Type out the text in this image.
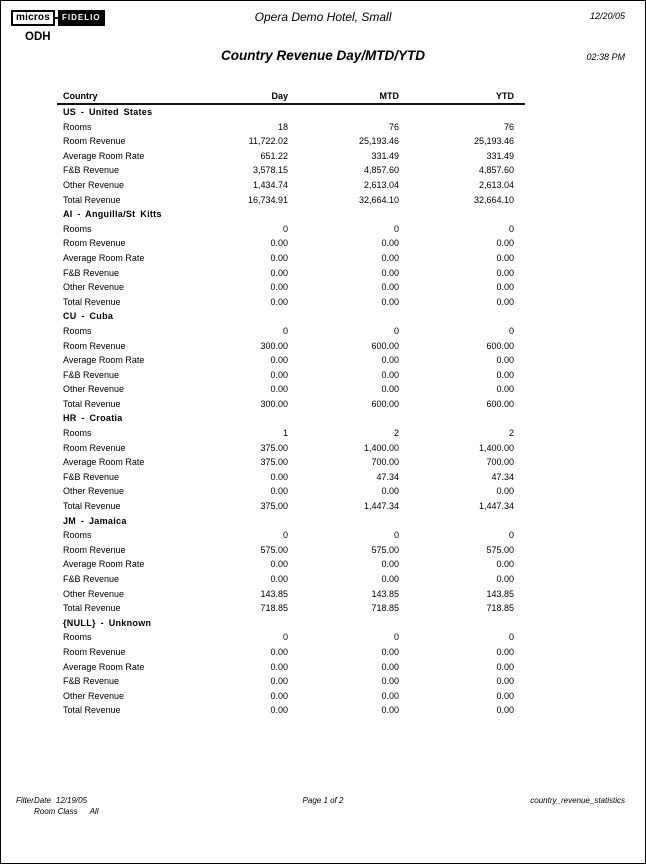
micros	FIDELIO
ODH
Opera Demo Hotel, Small	12/20/05
Country Revenue Day/MTD/YTD	02:38 PM
Country	Day	MTD	YTD
US - United States
Rooms	18	76	76
Room Revenue	11,722.02	25,193.46	25,193.46
Average Room Rate	651.22	331.49	331.49
F&B Revenue	3,578.15	4,857.60	4,857.60
Other Revenue	1,434.74	2,613.04	2,613.04
Total Revenue	16,734.91	32,664.10	32,664.10
AI - Anguilla/St Kitts
Rooms	0	0	0
Room Revenue	0.00	0.00	0.00
Average Room Rate	0.00	0.00	0.00
F&B Revenue	0.00	0.00	0.00
Other Revenue	0.00	0.00	0.00
Total Revenue	0.00	0.00	0.00
CU - Cuba
Rooms	0	0	0
Room Revenue	300.00	600.00	600.00
Average Room Rate	0.00	0.00	0.00
F&B Revenue	0.00	0.00	0.00
Other Revenue	0.00	0.00	0.00
Total Revenue	300.00	600.00	600.00
HR - Croatia
Rooms	1	2	2
Room Revenue	375.00	1,400.00	1,400.00
Average Room Rate	375.00	700.00	700.00
F&B Revenue	0.00	47.34	47.34
Other Revenue	0.00	0.00	0.00
Total Revenue	375.00	1,447.34	1,447.34
JM - Jamaica
Rooms	0	0	0
Room Revenue	575.00	575.00	575.00
Average Room Rate	0.00	0.00	0.00
F&B Revenue	0.00	0.00	0.00
Other Revenue	143.85	143.85	143.85
Total Revenue	718.85	718.85	718.85
{NULL} - Unknown
Rooms	0	0	0
Room Revenue	0.00	0.00	0.00
Average Room Rate	0.00	0.00	0.00
F&B Revenue	0.00	0.00	0.00
Other Revenue	0.00	0.00	0.00
Total Revenue	0.00	0.00	0.00
Filter Date 12/19/05
Room Class All
Page 1 of 2	country_revenue_statistics
